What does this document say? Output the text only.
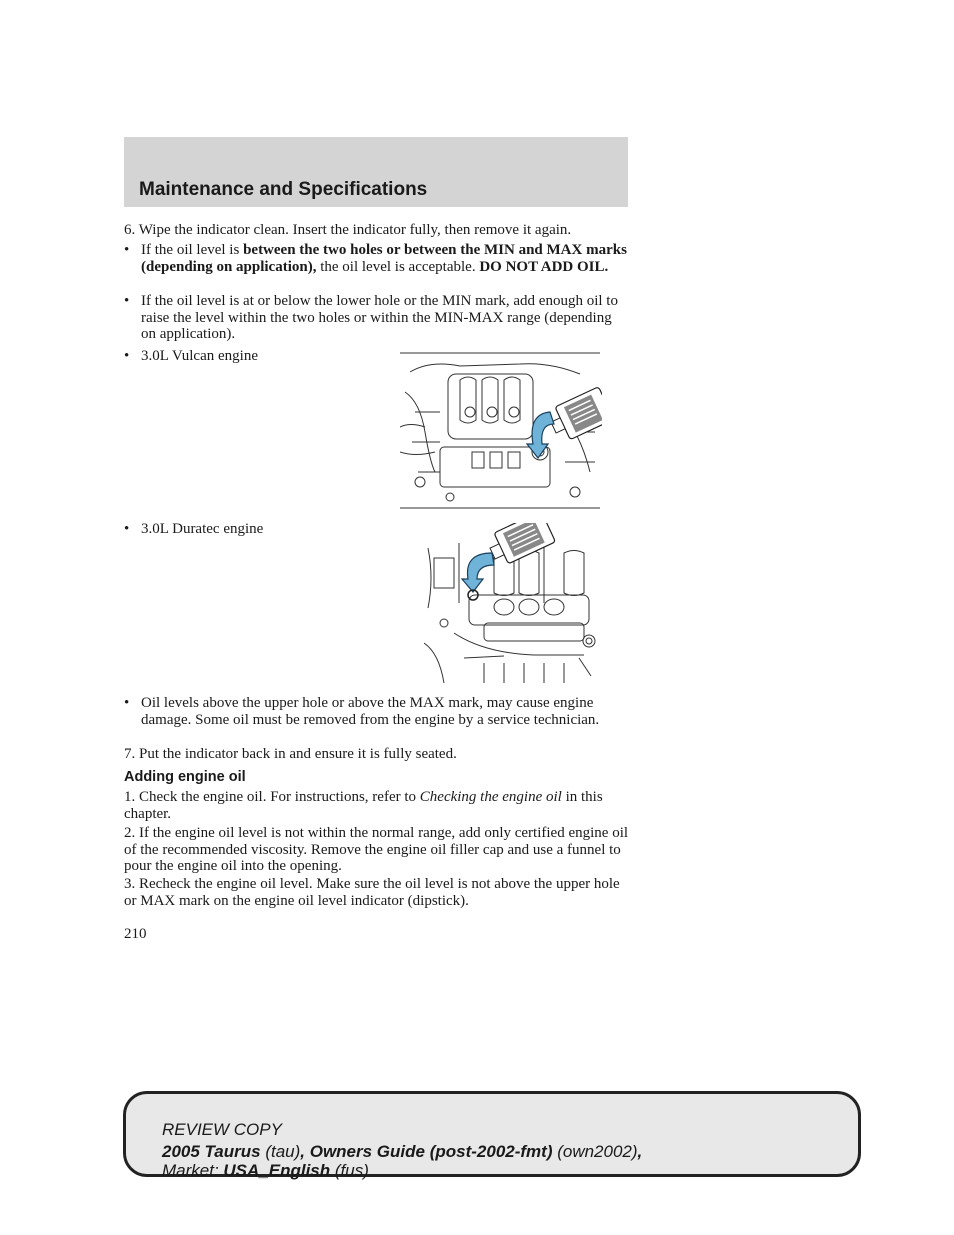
Maintenance and Specifications

6. Wipe the indicator clean. Insert the indicator fully, then remove it again.

• If the oil level is between the two holes or between the MIN and MAX marks (depending on application), the oil level is acceptable. DO NOT ADD OIL.
• If the oil level is at or below the lower hole or the MIN mark, add enough oil to raise the level within the two holes or within the MIN-MAX range (depending on application).
• 3.0L Vulcan engine
• 3.0L Duratec engine
• Oil levels above the upper hole or above the MAX mark, may cause engine damage. Some oil must be removed from the engine by a service technician.

7. Put the indicator back in and ensure it is fully seated.

Adding engine oil

1. Check the engine oil. For instructions, refer to Checking the engine oil in this chapter.

2. If the engine oil level is not within the normal range, add only certified engine oil of the recommended viscosity. Remove the engine oil filler cap and use a funnel to pour the engine oil into the opening.

3. Recheck the engine oil level. Make sure the oil level is not above the upper hole or MAX mark on the engine oil level indicator (dipstick).

210

REVIEW COPY
2005 Taurus (tau), Owners Guide (post-2002-fmt) (own2002),
Market: USA_English (fus)
